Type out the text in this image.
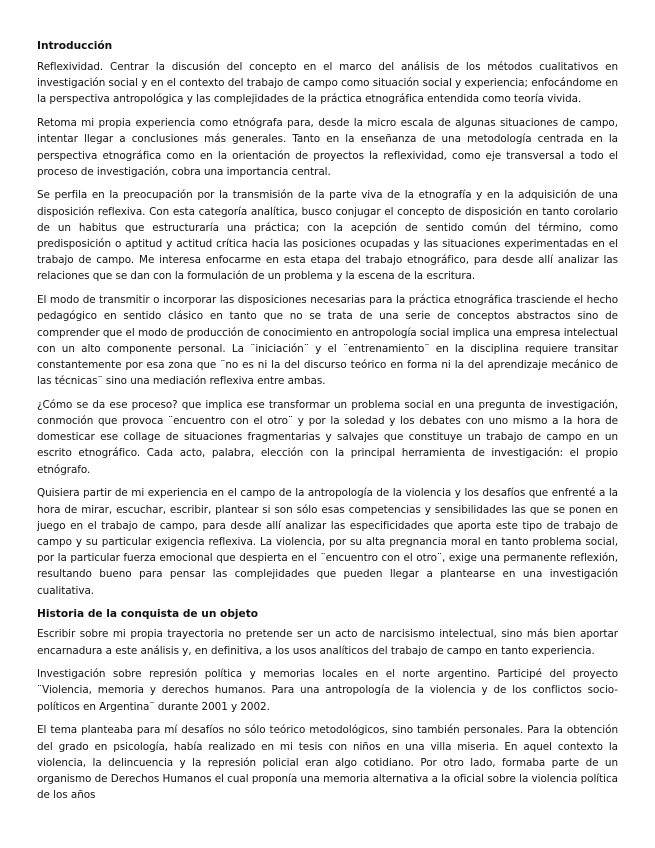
Introducción

Reflexividad. Centrar la discusión del concepto en el marco del análisis de los métodos cualitativos en investigación social y en el contexto del trabajo de campo como situación social y experiencia; enfocándome en la perspectiva antropológica y las complejidades de la práctica etnográfica entendida como teoría vivida.

Retoma mi propia experiencia como etnógrafa para, desde la micro escala de algunas situaciones de campo, intentar llegar a conclusiones más generales. Tanto en la enseñanza de una metodología centrada en la perspectiva etnográfica como en la orientación de proyectos la reflexividad, como eje transversal a todo el proceso de investigación, cobra una importancia central.

Se perfila en la preocupación por la transmisión de la parte viva de la etnografía y en la adquisición de una disposición reflexiva. Con esta categoría analítica, busco conjugar el concepto de disposición en tanto corolario de un habitus que estructuraría una práctica; con la acepción de sentido común del término, como predisposición o aptitud y actitud crítica hacia las posiciones ocupadas y las situaciones experimentadas en el trabajo de campo. Me interesa enfocarme en esta etapa del trabajo etnográfico, para desde allí analizar las relaciones que se dan con la formulación de un problema y la escena de la escritura.

El modo de transmitir o incorporar las disposiciones necesarias para la práctica etnográfica trasciende el hecho pedagógico en sentido clásico en tanto que no se trata de una serie de conceptos abstractos sino de comprender que el modo de producción de conocimiento en antropología social implica una empresa intelectual con un alto componente personal. La ¨iniciación¨ y el ¨entrenamiento¨ en la disciplina requiere transitar constantemente por esa zona que ¨no es ni la del discurso teórico en forma ni la del aprendizaje mecánico de las técnicas¨ sino una mediación reflexiva entre ambas.

¿Cómo se da ese proceso? que implica ese transformar un problema social en una pregunta de investigación, conmoción que provoca ¨encuentro con el otro¨ y por la soledad y los debates con uno mismo a la hora de domesticar ese collage de situaciones fragmentarias y salvajes que constituye un trabajo de campo en un escrito etnográfico. Cada acto, palabra, elección con la principal herramienta de investigación: el propio etnógrafo.

Quisiera partir de mi experiencia en el campo de la antropología de la violencia y los desafíos que enfrenté a la hora de mirar, escuchar, escribir, plantear si son sólo esas competencias y sensibilidades las que se ponen en juego en el trabajo de campo, para desde allí analizar las especificidades que aporta este tipo de trabajo de campo y su particular exigencia reflexiva. La violencia, por su alta pregnancia moral en tanto problema social, por la particular fuerza emocional que despierta en el ¨encuentro con el otro¨, exige una permanente reflexión, resultando bueno para pensar las complejidades que pueden llegar a plantearse en una investigación cualitativa.

Historia de la conquista de un objeto

Escribir sobre mi propia trayectoria no pretende ser un acto de narcisismo intelectual, sino más bien aportar encarnadura a este análisis y, en definitiva, a los usos analíticos del trabajo de campo en tanto experiencia.

Investigación sobre represión política y memorias locales en el norte argentino. Participé del proyecto ¨Violencia, memoria y derechos humanos. Para una antropología de la violencia y de los conflictos socio-políticos en Argentina¨ durante 2001 y 2002.

El tema planteaba para mí desafíos no sólo teórico metodológicos, sino también personales. Para la obtención del grado en psicología, había realizado en mi tesis con niños en una villa miseria. En aquel contexto la violencia, la delincuencia y la represión policial eran algo cotidiano. Por otro lado, formaba parte de un organismo de Derechos Humanos el cual proponía una memoria alternativa a la oficial sobre la violencia política de los años
